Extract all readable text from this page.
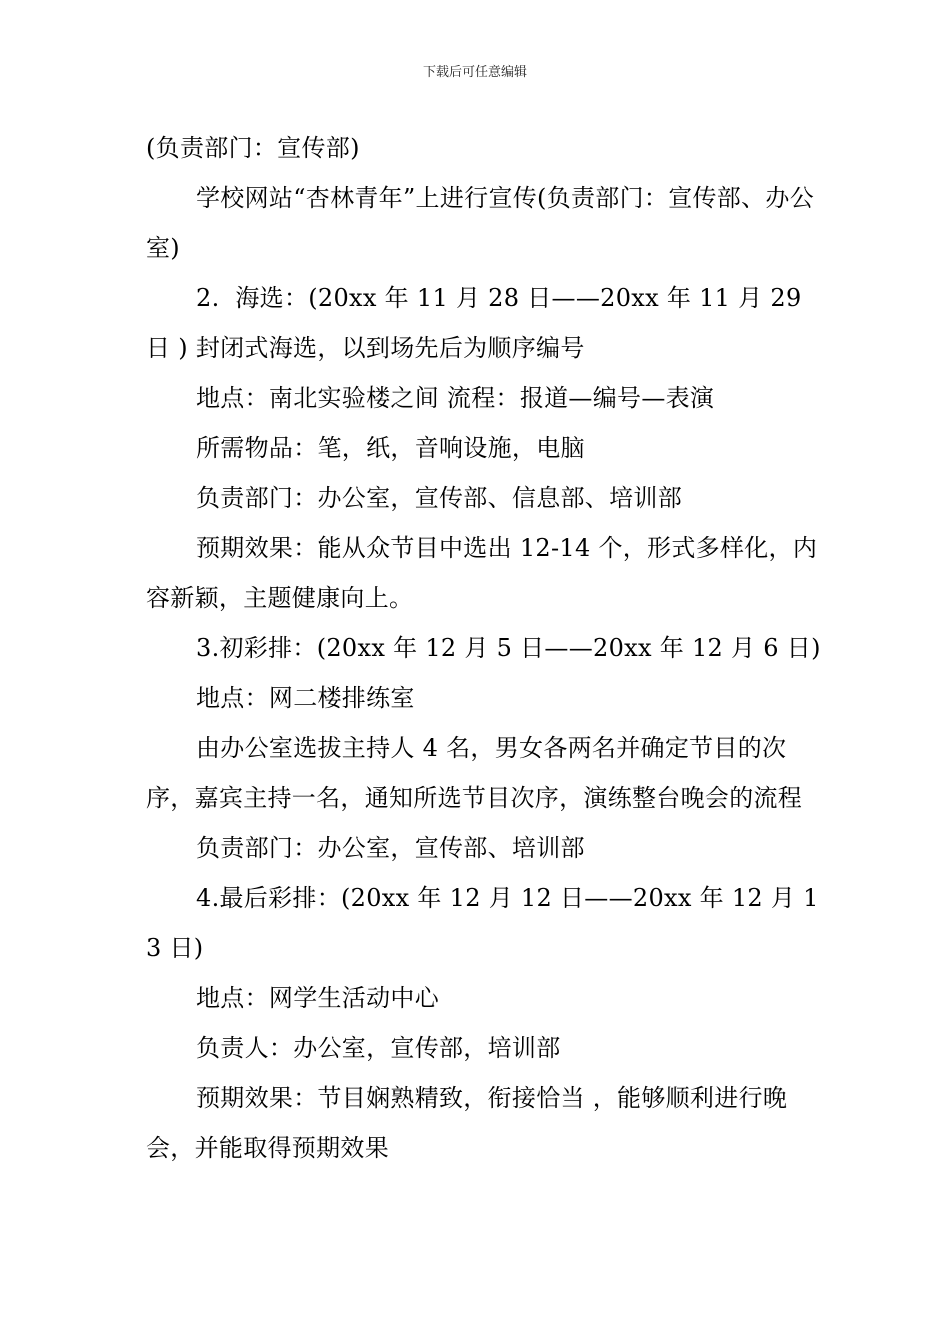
下载后可任意编辑

(负责部门：宣传部)

学校网站“杏林青年”上进行宣传(负责部门：宣传部、办公室)

2.  海选：(20xx 年 11 月 28 日——20xx 年 11 月 29 日 ) 封闭式海选，以到场先后为顺序编号

地点：南北实验楼之间 流程：报道—编号—表演

所需物品：笔，纸，音响设施，电脑

负责部门：办公室，宣传部、信息部、培训部

预期效果：能从众节目中选出 12-14 个，形式多样化，内容新颖，主题健康向上。

3.初彩排：(20xx 年 12 月 5 日——20xx 年 12 月 6 日)

地点：网二楼排练室

由办公室选拔主持人 4 名，男女各两名并确定节目的次序，嘉宾主持一名，通知所选节目次序，演练整台晚会的流程

负责部门：办公室，宣传部、培训部

4.最后彩排：(20xx 年 12 月 12 日——20xx 年 12 月 13 日)

地点：网学生活动中心

负责人：办公室，宣传部，培训部

预期效果：节目娴熟精致，衔接恰当 ，能够顺利进行晚会，并能取得预期效果
